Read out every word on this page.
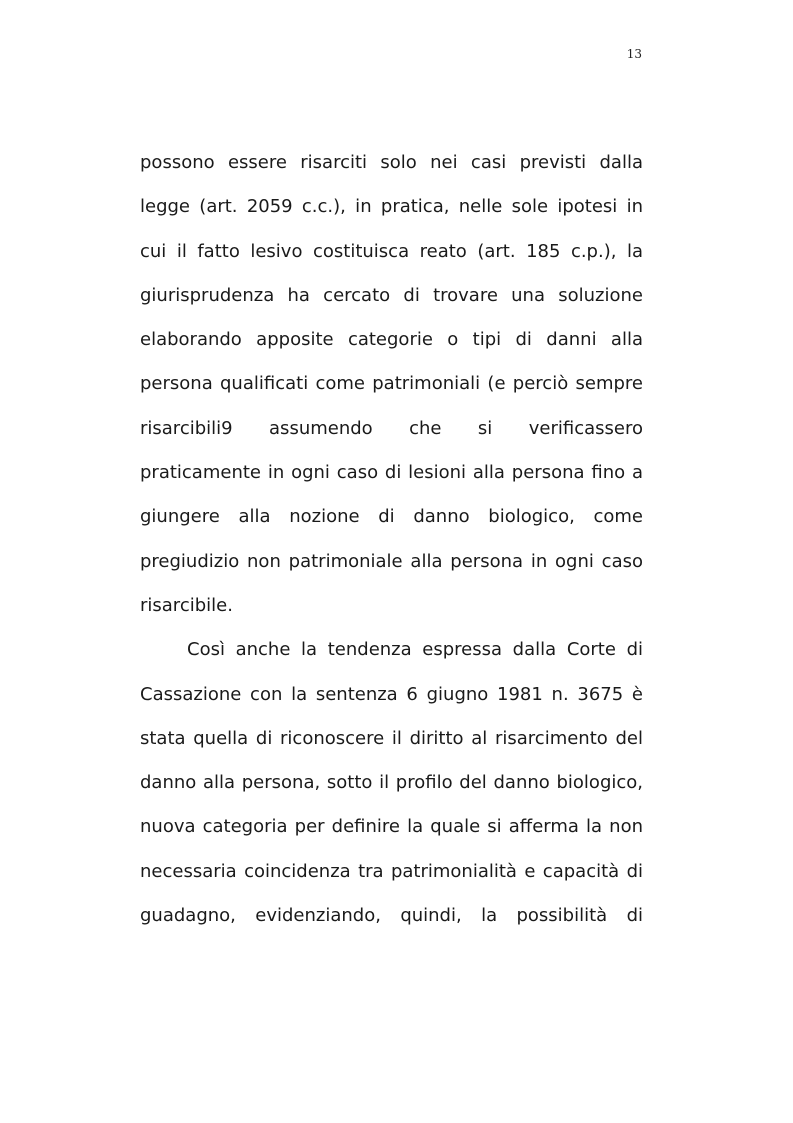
13
possono essere risarciti solo nei casi previsti dalla
legge (art. 2059 c.c.), in pratica, nelle sole ipotesi in
cui il fatto lesivo costituisca reato (art. 185 c.p.), la
giurisprudenza ha cercato di trovare una soluzione
elaborando apposite categorie o tipi di danni alla
persona qualificati come patrimoniali (e perciò sempre
risarcibili9 assumendo che si verificassero
praticamente in ogni caso di lesioni alla persona fino a
giungere alla nozione di danno biologico, come
pregiudizio non patrimoniale alla persona in ogni caso
risarcibile.
Così anche la tendenza espressa dalla Corte di
Cassazione con la sentenza 6 giugno 1981 n. 3675 è
stata quella di riconoscere il diritto al risarcimento del
danno alla persona, sotto il profilo del danno biologico,
nuova categoria per definire la quale si afferma la non
necessaria coincidenza tra patrimonialità e capacità di
guadagno, evidenziando, quindi, la possibilità di
